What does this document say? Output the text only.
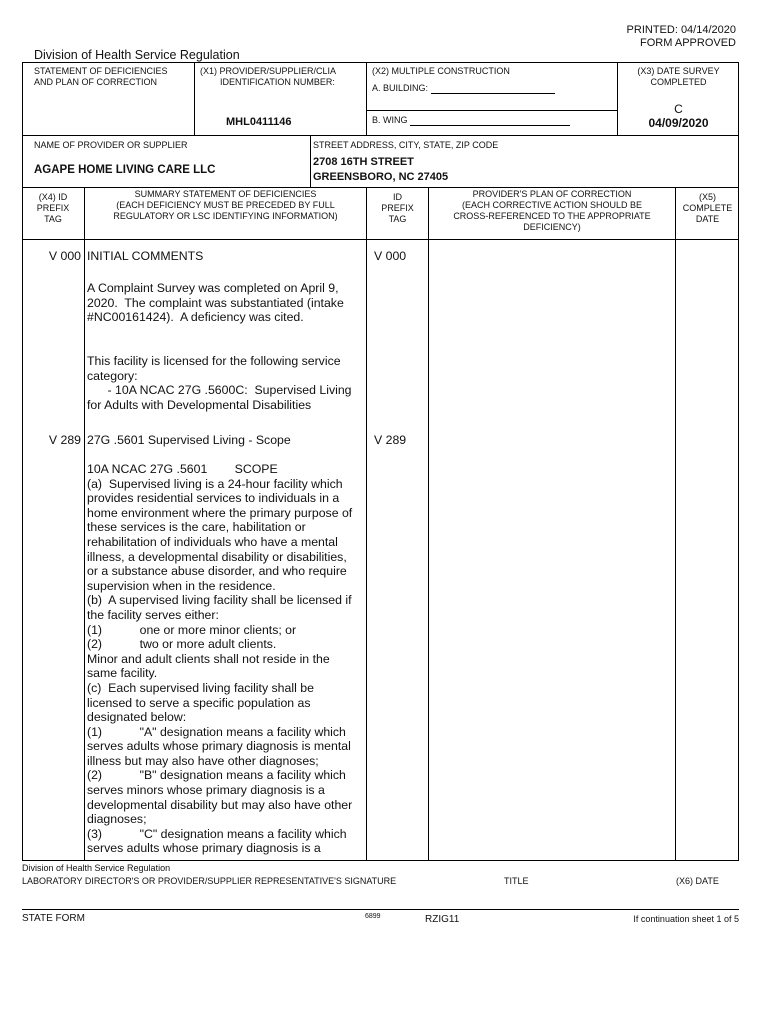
PRINTED: 04/14/2020
FORM APPROVED
Division of Health Service Regulation
STATEMENT OF DEFICIENCIES
AND PLAN OF CORRECTION
(X1) PROVIDER/SUPPLIER/CLIA
IDENTIFICATION NUMBER:
MHL0411146
(X2) MULTIPLE CONSTRUCTION
A. BUILDING:
B. WING
(X3) DATE SURVEY
COMPLETED
C
04/09/2020
NAME OF PROVIDER OR SUPPLIER
AGAPE HOME LIVING CARE LLC
STREET ADDRESS, CITY, STATE, ZIP CODE
2708 16TH STREET
GREENSBORO, NC 27405
(X4) ID
PREFIX
TAG
SUMMARY STATEMENT OF DEFICIENCIES
(EACH DEFICIENCY MUST BE PRECEDED BY FULL
REGULATORY OR LSC IDENTIFYING INFORMATION)
ID
PREFIX
TAG
PROVIDER'S PLAN OF CORRECTION
(EACH CORRECTIVE ACTION SHOULD BE
CROSS-REFERENCED TO THE APPROPRIATE
DEFICIENCY)
(X5)
COMPLETE
DATE
V 000	V 000
INITIAL COMMENTS
A Complaint Survey was completed on April 9,
2020.  The complaint was substantiated (intake
#NC00161424).  A deficiency was cited.
This facility is licensed for the following service
category:
- 10A NCAC 27G .5600C:  Supervised Living
for Adults with Developmental Disabilities
V 289	V 289
27G .5601 Supervised Living - Scope
10A NCAC 27G .5601        SCOPE
(a)  Supervised living is a 24-hour facility which
provides residential services to individuals in a
home environment where the primary purpose of
these services is the care, habilitation or
rehabilitation of individuals who have a mental
illness, a developmental disability or disabilities,
or a substance abuse disorder, and who require
supervision when in the residence.
(b)  A supervised living facility shall be licensed if
the facility serves either:
(1)           one or more minor clients; or
(2)           two or more adult clients.
Minor and adult clients shall not reside in the
same facility.
(c)  Each supervised living facility shall be
licensed to serve a specific population as
designated below:
(1)           "A" designation means a facility which
serves adults whose primary diagnosis is mental
illness but may also have other diagnoses;
(2)           "B" designation means a facility which
serves minors whose primary diagnosis is a
developmental disability but may also have other
diagnoses;
(3)           "C" designation means a facility which
serves adults whose primary diagnosis is a
Division of Health Service Regulation
LABORATORY DIRECTOR'S OR PROVIDER/SUPPLIER REPRESENTATIVE'S SIGNATURE	TITLE	(X6) DATE
STATE FORM	6899	RZIG11	If continuation sheet 1 of 5
